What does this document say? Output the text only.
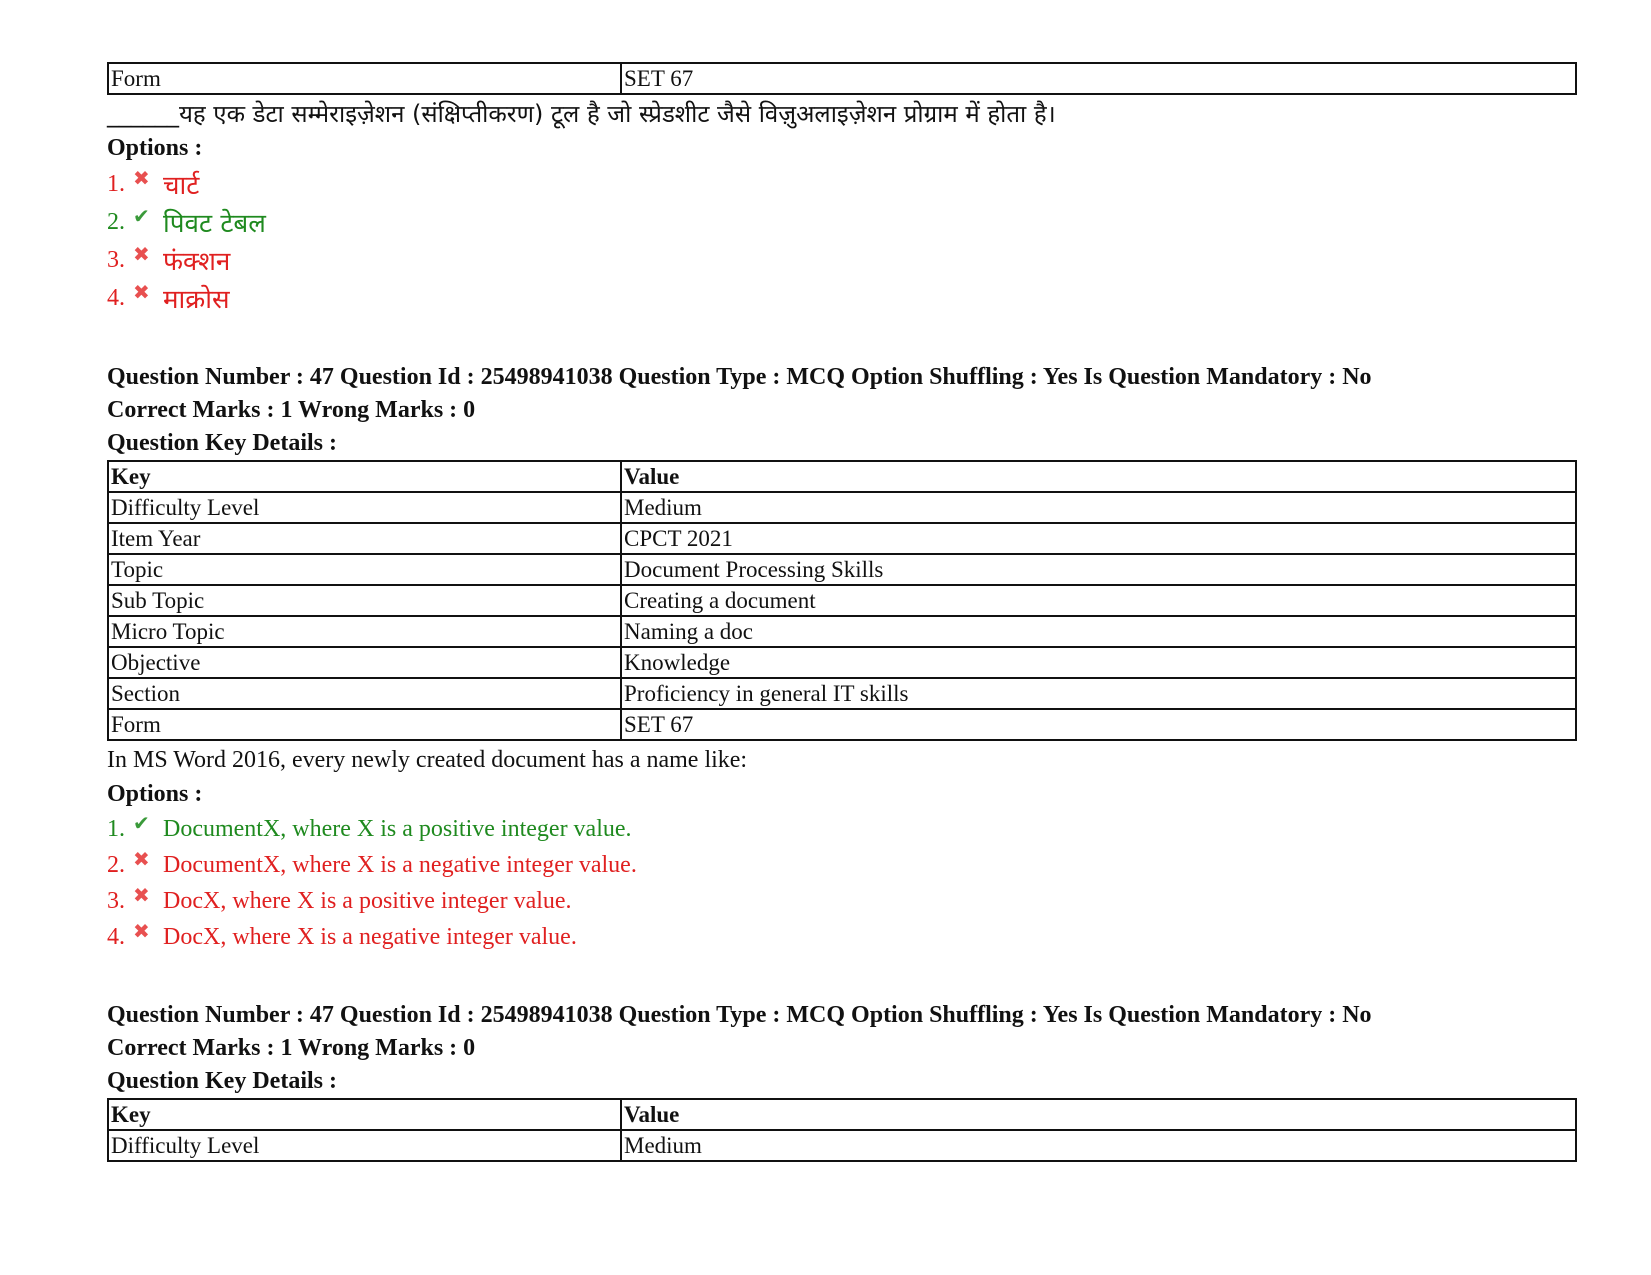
Form	SET 67
______यह एक डेटा सम्मेराइज़ेशन (संक्षिप्तीकरण) टूल है जो स्प्रेडशीट जैसे विज़ुअलाइज़ेशन प्रोग्राम में होता है।
Options :
1. ✖ चार्ट
2. ✔ पिवट टेबल
3. ✖ फंक्शन
4. ✖ माक्रोस
Question Number : 47 Question Id : 25498941038 Question Type : MCQ Option Shuffling : Yes Is Question Mandatory : No
Correct Marks : 1 Wrong Marks : 0
Question Key Details :
Key	Value
Difficulty Level	Medium
Item Year	CPCT 2021
Topic	Document Processing Skills
Sub Topic	Creating a document
Micro Topic	Naming a doc
Objective	Knowledge
Section	Proficiency in general IT skills
Form	SET 67
In MS Word 2016, every newly created document has a name like:
Options :
1. ✔ DocumentX, where X is a positive integer value.
2. ✖ DocumentX, where X is a negative integer value.
3. ✖ DocX, where X is a positive integer value.
4. ✖ DocX, where X is a negative integer value.
Question Number : 47 Question Id : 25498941038 Question Type : MCQ Option Shuffling : Yes Is Question Mandatory : No
Correct Marks : 1 Wrong Marks : 0
Question Key Details :
Key	Value
Difficulty Level	Medium
